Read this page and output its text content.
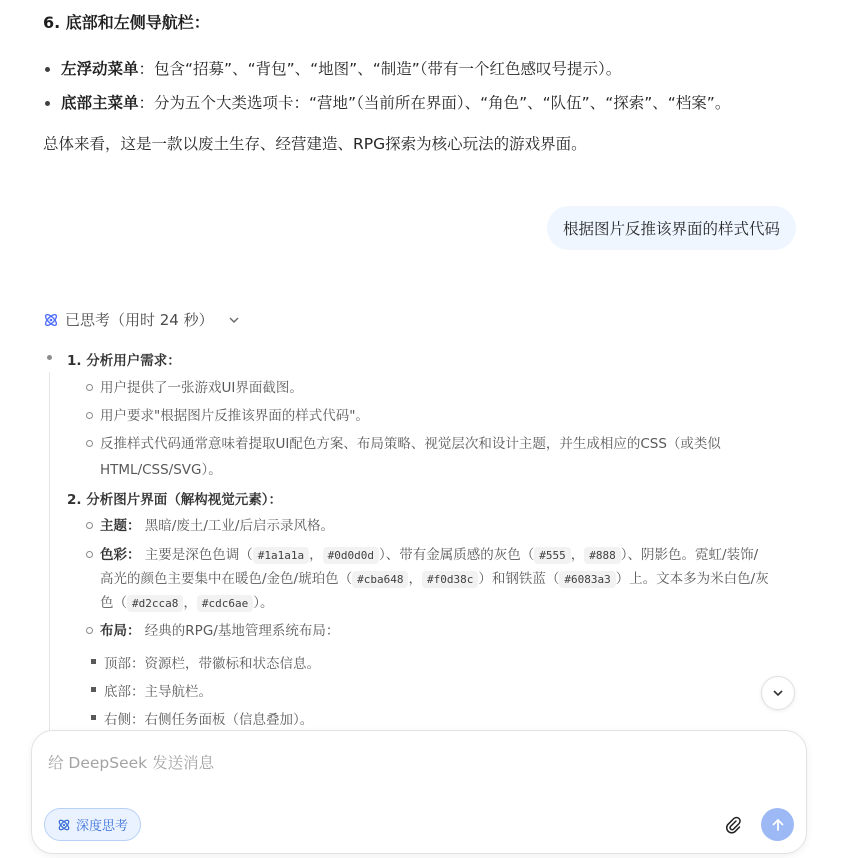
6. 底部和左侧导航栏：
左浮动菜单：包含“招募”、“背包”、“地图”、“制造”（带有一个红色感叹号提示）。
底部主菜单：分为五个大类选项卡：“营地”（当前所在界面）、“角色”、“队伍”、“探索”、“档案”。
总体来看，这是一款以废土生存、经营建造、RPG探索为核心玩法的游戏界面。
根据图片反推该界面的样式代码
已思考（用时 24 秒）
1. 分析用户需求：
用户提供了一张游戏UI界面截图。
用户要求"根据图片反推该界面的样式代码"。
反推样式代码通常意味着提取UI配色方案、布局策略、视觉层次和设计主题，并生成相应的CSS（或类似
HTML/CSS/SVG）。
2. 分析图片界面（解构视觉元素）：
主题： 黑暗/废土/工业/后启示录风格。
色彩： 主要是深色色调（ #1a1a1a ， #0d0d0d ）、带有金属质感的灰色（ #555 ， #888 ）、阴影色。霓虹/装饰/
高光的颜色主要集中在暖色/金色/琥珀色（ #cba648 ， #f0d38c ）和钢铁蓝（ #6083a3 ）上。文本多为米白色/灰
色（ #d2cca8 ， #cdc6ae ）。
布局： 经典的RPG/基地管理系统布局：
顶部：资源栏，带徽标和状态信息。
底部：主导航栏。
右侧：右侧任务面板（信息叠加）。
给 DeepSeek 发送消息
深度思考
